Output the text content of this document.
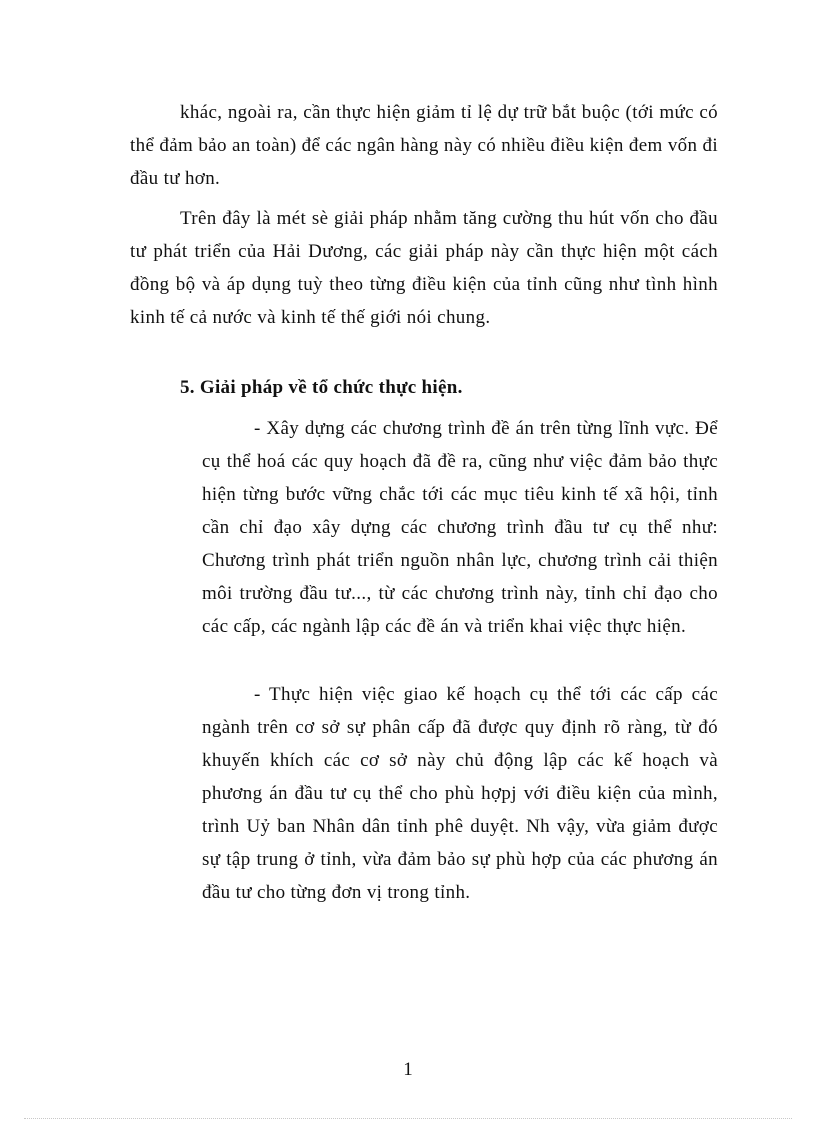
khác, ngoài ra, cần thực hiện giảm tỉ lệ dự trữ bắt buộc (tới mức có thể đảm bảo an toàn) để các ngân hàng này có nhiều điều kiện đem vốn đi đầu tư hơn.

Trên đây là mét sè giải pháp nhằm tăng cường thu hút vốn cho đầu tư phát triển của Hải Dương, các giải pháp này cần thực hiện một cách đồng bộ và áp dụng tuỳ theo từng điều kiện của tỉnh cũng như tình hình kinh tế cả nước và kinh tế thế giới nói chung.

5. Giải pháp về tổ chức thực hiện.

- Xây dựng các chương trình đề án trên từng lĩnh vực. Để cụ thể hoá các quy hoạch đã đề ra, cũng như việc đảm bảo thực hiện từng bước vững chắc tới các mục tiêu kinh tế xã hội, tỉnh cần chỉ đạo xây dựng các chương trình đầu tư cụ thể như: Chương trình phát triển nguồn nhân lực, chương trình cải thiện môi trường đầu tư..., từ các chương trình này, tỉnh chỉ đạo cho các cấp, các ngành lập các đề án và triển khai việc thực hiện.

- Thực hiện việc giao kế hoạch cụ thể tới các cấp các ngành trên cơ sở sự phân cấp đã được quy định rõ ràng, từ đó khuyến khích các cơ sở này chủ động lập các kế hoạch và phương án đầu tư cụ thể cho phù hợpj với điều kiện của mình, trình Uỷ ban Nhân dân tỉnh phê duyệt. Nh vậy, vừa giảm được sự tập trung ở tỉnh, vừa đảm bảo sự phù hợp của các phương án đầu tư cho từng đơn vị trong tỉnh.

1
